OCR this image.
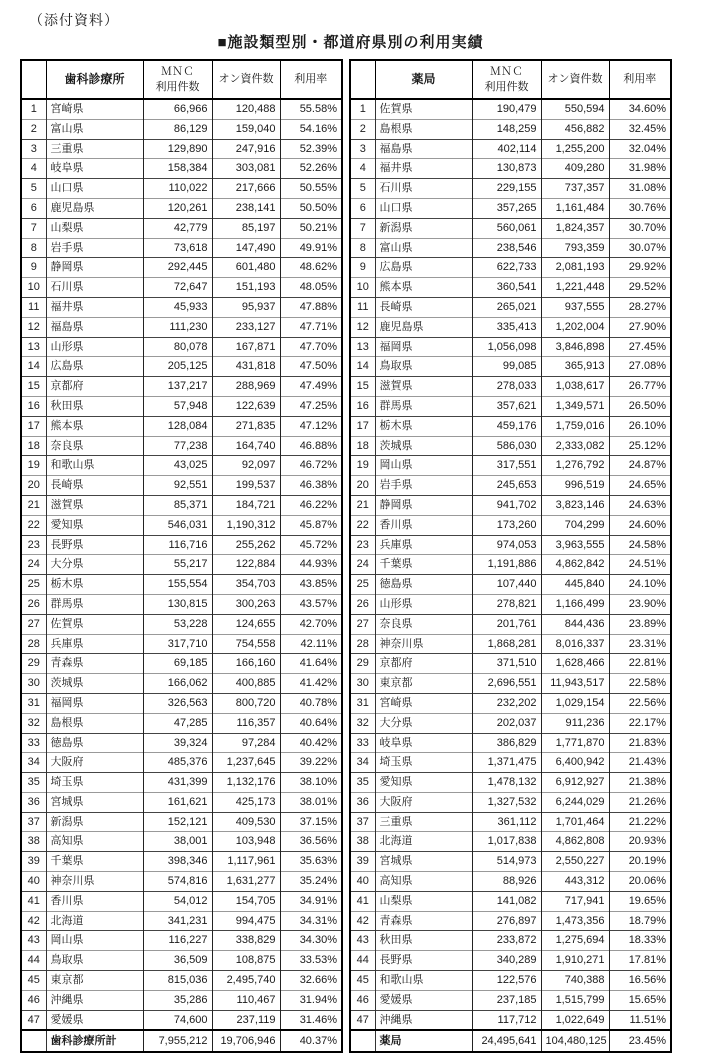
（添付資料）
■施設類型別・都道府県別の利用実績
	歯科診療所	ＭＮＣ
利用件数	オン資件数	利用率
1	宮崎県	66,966	120,488	55.58%
2	富山県	86,129	159,040	54.16%
3	三重県	129,890	247,916	52.39%
4	岐阜県	158,384	303,081	52.26%
5	山口県	110,022	217,666	50.55%
6	鹿児島県	120,261	238,141	50.50%
7	山梨県	42,779	85,197	50.21%
8	岩手県	73,618	147,490	49.91%
9	静岡県	292,445	601,480	48.62%
10	石川県	72,647	151,193	48.05%
11	福井県	45,933	95,937	47.88%
12	福島県	111,230	233,127	47.71%
13	山形県	80,078	167,871	47.70%
14	広島県	205,125	431,818	47.50%
15	京都府	137,217	288,969	47.49%
16	秋田県	57,948	122,639	47.25%
17	熊本県	128,084	271,835	47.12%
18	奈良県	77,238	164,740	46.88%
19	和歌山県	43,025	92,097	46.72%
20	長崎県	92,551	199,537	46.38%
21	滋賀県	85,371	184,721	46.22%
22	愛知県	546,031	1,190,312	45.87%
23	長野県	116,716	255,262	45.72%
24	大分県	55,217	122,884	44.93%
25	栃木県	155,554	354,703	43.85%
26	群馬県	130,815	300,263	43.57%
27	佐賀県	53,228	124,655	42.70%
28	兵庫県	317,710	754,558	42.11%
29	青森県	69,185	166,160	41.64%
30	茨城県	166,062	400,885	41.42%
31	福岡県	326,563	800,720	40.78%
32	島根県	47,285	116,357	40.64%
33	徳島県	39,324	97,284	40.42%
34	大阪府	485,376	1,237,645	39.22%
35	埼玉県	431,399	1,132,176	38.10%
36	宮城県	161,621	425,173	38.01%
37	新潟県	152,121	409,530	37.15%
38	高知県	38,001	103,948	36.56%
39	千葉県	398,346	1,117,961	35.63%
40	神奈川県	574,816	1,631,277	35.24%
41	香川県	54,012	154,705	34.91%
42	北海道	341,231	994,475	34.31%
43	岡山県	116,227	338,829	34.30%
44	鳥取県	36,509	108,875	33.53%
45	東京都	815,036	2,495,740	32.66%
46	沖縄県	35,286	110,467	31.94%
47	愛媛県	74,600	237,119	31.46%
	歯科診療所計	7,955,212	19,706,946	40.37%
	薬局	ＭＮＣ
利用件数	オン資件数	利用率
1	佐賀県	190,479	550,594	34.60%
2	島根県	148,259	456,882	32.45%
3	福島県	402,114	1,255,200	32.04%
4	福井県	130,873	409,280	31.98%
5	石川県	229,155	737,357	31.08%
6	山口県	357,265	1,161,484	30.76%
7	新潟県	560,061	1,824,357	30.70%
8	富山県	238,546	793,359	30.07%
9	広島県	622,733	2,081,193	29.92%
10	熊本県	360,541	1,221,448	29.52%
11	長崎県	265,021	937,555	28.27%
12	鹿児島県	335,413	1,202,004	27.90%
13	福岡県	1,056,098	3,846,898	27.45%
14	鳥取県	99,085	365,913	27.08%
15	滋賀県	278,033	1,038,617	26.77%
16	群馬県	357,621	1,349,571	26.50%
17	栃木県	459,176	1,759,016	26.10%
18	茨城県	586,030	2,333,082	25.12%
19	岡山県	317,551	1,276,792	24.87%
20	岩手県	245,653	996,519	24.65%
21	静岡県	941,702	3,823,146	24.63%
22	香川県	173,260	704,299	24.60%
23	兵庫県	974,053	3,963,555	24.58%
24	千葉県	1,191,886	4,862,842	24.51%
25	徳島県	107,440	445,840	24.10%
26	山形県	278,821	1,166,499	23.90%
27	奈良県	201,761	844,436	23.89%
28	神奈川県	1,868,281	8,016,337	23.31%
29	京都府	371,510	1,628,466	22.81%
30	東京都	2,696,551	11,943,517	22.58%
31	宮崎県	232,202	1,029,154	22.56%
32	大分県	202,037	911,236	22.17%
33	岐阜県	386,829	1,771,870	21.83%
34	埼玉県	1,371,475	6,400,942	21.43%
35	愛知県	1,478,132	6,912,927	21.38%
36	大阪府	1,327,532	6,244,029	21.26%
37	三重県	361,112	1,701,464	21.22%
38	北海道	1,017,838	4,862,808	20.93%
39	宮城県	514,973	2,550,227	20.19%
40	高知県	88,926	443,312	20.06%
41	山梨県	141,082	717,941	19.65%
42	青森県	276,897	1,473,356	18.79%
43	秋田県	233,872	1,275,694	18.33%
44	長野県	340,289	1,910,271	17.81%
45	和歌山県	122,576	740,388	16.56%
46	愛媛県	237,185	1,515,799	15.65%
47	沖縄県	117,712	1,022,649	11.51%
	薬局	24,495,641	104,480,125	23.45%
